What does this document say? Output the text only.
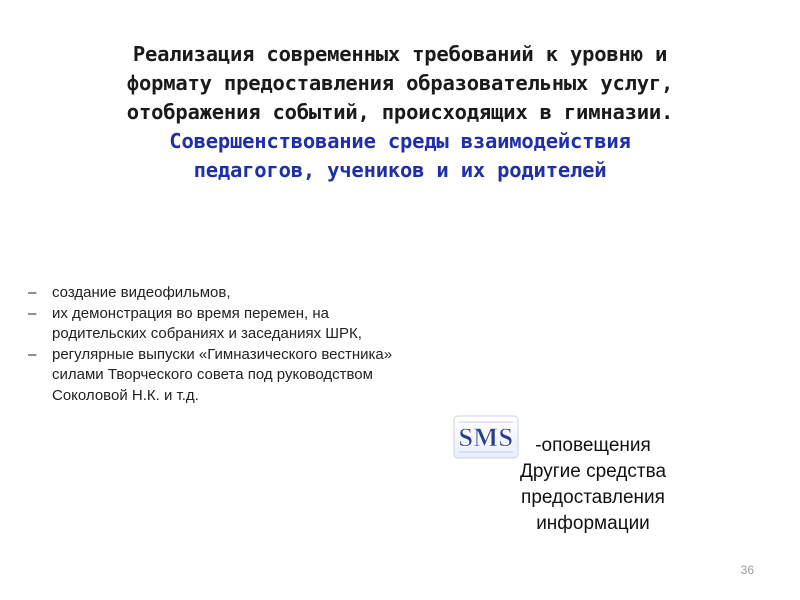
Реализация современных требований к уровню и
формату предоставления образовательных услуг,
отображения событий, происходящих в гимназии.
Совершенствование среды взаимодействия
педагогов, учеников и их родителей
– создание видеофильмов,
– их демонстрация во время перемен, на
родительских собраниях и заседаниях ШРК,
– регулярные выпуски «Гимназического вестника»
силами Творческого совета под руководством
Соколовой Н.К. и т.д.
SMS	-оповещения
Другие средства
предоставления
информации
36
